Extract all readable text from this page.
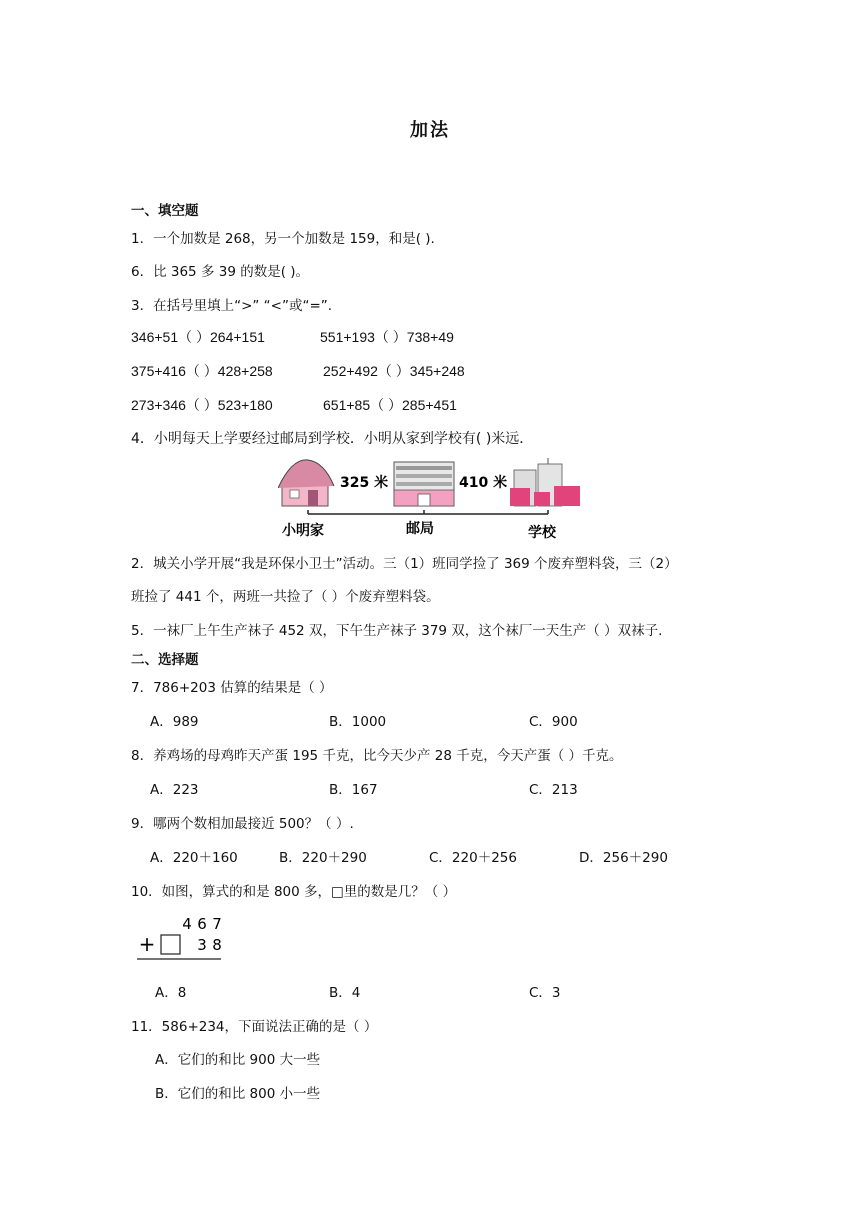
加法
一、填空题
1．一个加数是 268，另一个加数是 159，和是( ).
6．比 365 多 39 的数是( )。
3．在括号里填上“>” “<”或“=”.
346+51（ ）264+151	551+193（ ）738+49
375+416（ ）428+258	252+492（ ）345+248
273+346（ ）523+180	651+85（ ）285+451
4．小明每天上学要经过邮局到学校．小明从家到学校有( )米远．
325 米	410 米
小明家	邮局	学校
2．城关小学开展“我是环保小卫士”活动。三（1）班同学捡了 369 个废弃塑料袋，三（2）
班捡了 441 个，两班一共捡了（ ）个废弃塑料袋。
5．一袜厂上午生产袜子 452 双，下午生产袜子 379 双，这个袜厂一天生产（ ）双袜子.
二、选择题
7．786+203 估算的结果是（ ）
A．989	B．1000	C．900
8．养鸡场的母鸡昨天产蛋 195 千克，比今天少产 28 千克，今天产蛋（ ）千克。
A．223	B．167	C．213
9．哪两个数相加最接近 500？（ ）.
A．220＋160	B．220＋290	C．220＋256	D．256＋290
10．如图，算式的和是 800 多，□里的数是几？（ ）
4 6 7
+	3 8
A．8	B．4	C．3
11．586+234，下面说法正确的是（ ）
A．它们的和比 900 大一些
B．它们的和比 800 小一些
